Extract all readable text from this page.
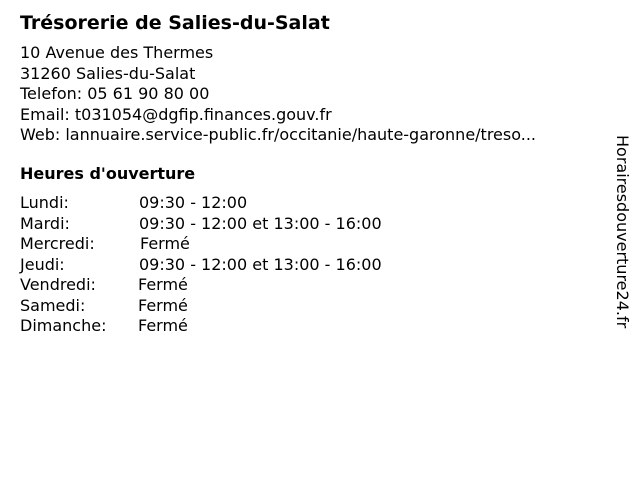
Trésorerie de Salies-du-Salat
10 Avenue des Thermes
31260 Salies-du-Salat
Telefon: 05 61 90 80 00
Email: t031054@dgfip.finances.gouv.fr
Web: lannuaire.service-public.fr/occitanie/haute-garonne/treso...
Heures d'ouverture
Lundi:	09:30 - 12:00
Mardi:	09:30 - 12:00 et 13:00 - 16:00
Mercredi:	Fermé
Jeudi:	09:30 - 12:00 et 13:00 - 16:00
Vendredi:	Fermé
Samedi:	Fermé
Dimanche: Fermé	Horairesdouverture24.fr
